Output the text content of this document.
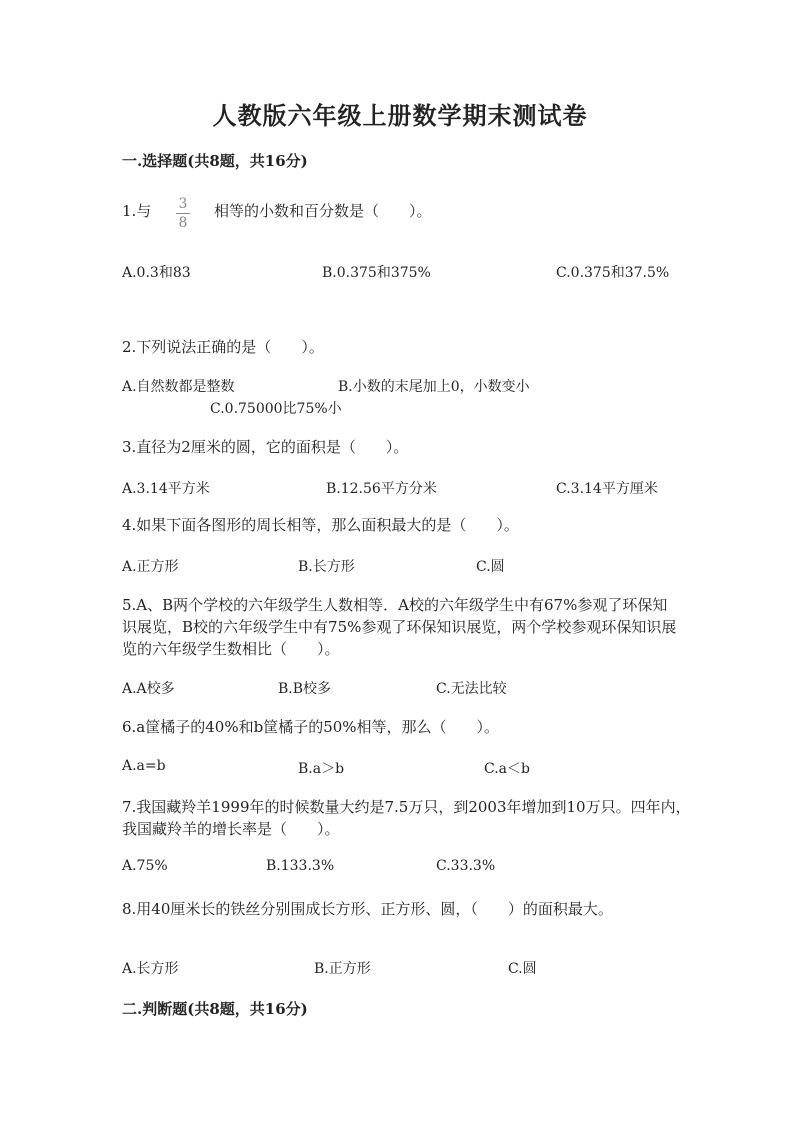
人教版六年级上册数学期末测试卷
一.选择题(共8题，共16分)
1.与	3
8
相等的小数和百分数是（　　）。
A.0.3和83	B.0.375和375%	C.0.375和37.5%
2.下列说法正确的是（　　）。
A.自然数都是整数	B.小数的末尾加上0，小数变小
C.0.75000比75%小
3.直径为2厘米的圆，它的面积是（　　）。
A.3.14平方米	B.12.56平方分米	C.3.14平方厘米
4.如果下面各图形的周长相等，那么面积最大的是（　　）。
A.正方形	B.长方形	C.圆
5.A、B两个学校的六年级学生人数相等．A校的六年级学生中有67%参观了环保知识展览，B校的六年级学生中有75%参观了环保知识展览，两个学校参观环保知识展览的六年级学生数相比（　　）。
A.A校多	B.B校多	C.无法比较
6.a筐橘子的40%和b筐橘子的50%相等，那么（　　）。
A.a=b	B.a＞b	C.a＜b
7.我国藏羚羊1999年的时候数量大约是7.5万只，到2003年增加到10万只。四年内，我国藏羚羊的增长率是（　　）。
A.75%	B.133.3%	C.33.3%
8.用40厘米长的铁丝分别围成长方形、正方形、圆，（　　）的面积最大。
A.长方形	B.正方形	C.圆
二.判断题(共8题，共16分)
